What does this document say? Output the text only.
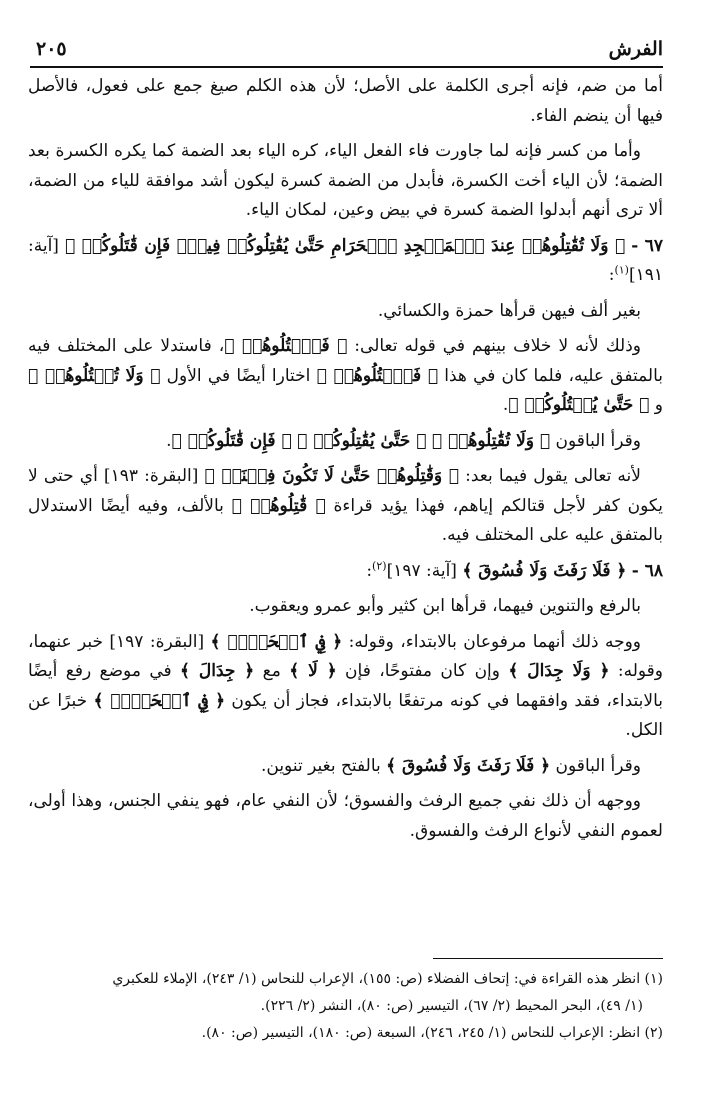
الفرش
٢٠٥

أما من ضم، فإنه أجرى الكلمة على الأصل؛ لأن هذه الكلم صيغ جمع على فعول، فالأصل فيها أن ينضم الفاء.

وأما من كسر فإنه لما جاورت فاء الفعل الياء، كره الياء بعد الضمة كما يكره الكسرة بعد الضمة؛ لأن الياء أخت الكسرة، فأبدل من الضمة كسرة ليكون أشد موافقة للياء من الضمة، ألا ترى أنهم أبدلوا الضمة كسرة في بيض وعين، لمكان الياء.

٦٧ - ﴿ وَلَا تُقَٰتِلُوهُمۡ عِندَ ٱلۡمَسۡجِدِ ٱلۡحَرَامِ حَتَّىٰ يُقَٰتِلُوكُمۡ فِيهِۖ فَإِن قَٰتَلُوكُمۡ ﴾ [آية: ١٩١]$^{(١)}$:

بغير ألف فيهن قرأها حمزة والكسائي.

وذلك لأنه لا خلاف بينهم في قوله تعالى: ﴿ فَٱقۡتُلُوهُمۡ ﴾، فاستدلا على المختلف فيه بالمتفق عليه، فلما كان في هذا ﴿ فَٱقۡتُلُوهُمۡ ﴾ اختارا أيضًا في الأول ﴿ وَلَا تُقۡتُلُوهُمۡ ﴾ و ﴿ حَتَّىٰ يُقۡتُلُوكُمۡ ﴾.

وقرأ الباقون ﴿ وَلَا تُقَٰتِلُوهُمۡ ﴾ ﴿ حَتَّىٰ يُقَٰتِلُوكُمۡ ﴾ ﴿ فَإِن قَٰتَلُوكُمۡ ﴾.

لأنه تعالى يقول فيما بعد: ﴿ وَقَٰتِلُوهُمۡ حَتَّىٰ لَا تَكُونَ فِتۡنَةٞ ﴾ [البقرة: ١٩٣] أي حتى لا يكون كفر لأجل قتالكم إياهم، فهذا يؤيد قراءة ﴿ قَٰتِلُوهُمۡ ﴾ بالألف، وفيه أيضًا الاستدلال بالمتفق عليه على المختلف فيه.

٦٨ - ﴿ فَلَا رَفَثَ وَلَا فُسُوقَ ﴾ [آية: ١٩٧]$^{(٢)}$:

بالرفع والتنوين فيهما، قرأها ابن كثير وأبو عمرو ويعقوب.

ووجه ذلك أنهما مرفوعان بالابتداء، وقوله: ﴿ فِي ٱلۡحَجِّۗ ﴾ [البقرة: ١٩٧] خبر عنهما، وقوله: ﴿ وَلَا جِدَالَ ﴾ وإن كان مفتوحًا، فإن ﴿ لَا ﴾ مع ﴿ جِدَالَ ﴾ في موضع رفع أيضًا بالابتداء، فقد وافقهما في كونه مرتفعًا بالابتداء، فجاز أن يكون ﴿ فِي ٱلۡحَجِّۗ ﴾ خبرًا عن الكل.

وقرأ الباقون ﴿ فَلَا رَفَثَ وَلَا فُسُوقَ ﴾ بالفتح بغير تنوين.

ووجهه أن ذلك نفي جميع الرفث والفسوق؛ لأن النفي عام، فهو ينفي الجنس، وهذا أولى، لعموم النفي لأنواع الرفث والفسوق.

(١) انظر هذه القراءة في: إتحاف الفضلاء (ص: ١٥٥)، الإعراب للنحاس (١/ ٢٤٣)، الإملاء للعكبري

(١/ ٤٩)، البحر المحيط (٢/ ٦٧)، التيسير (ص: ٨٠)، النشر (٢/ ٢٢٦).

(٢) انظر: الإعراب للنحاس (١/ ٢٤٥، ٢٤٦)، السبعة (ص: ١٨٠)، التيسير (ص: ٨٠).
